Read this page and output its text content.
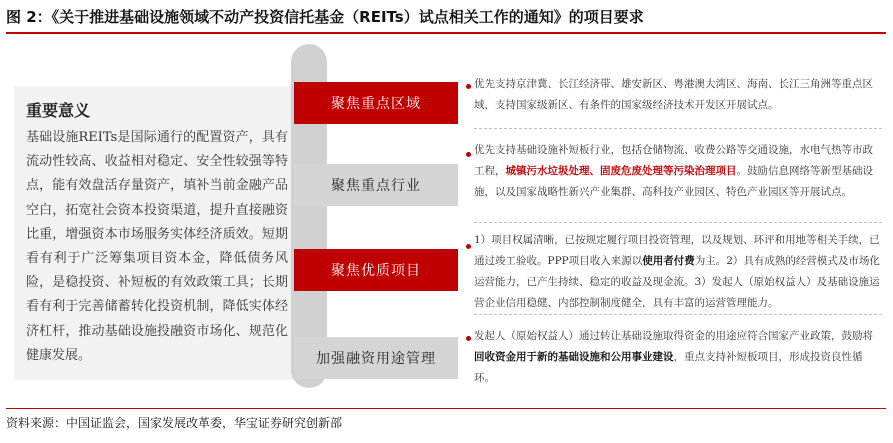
图 2：《关于推进基础设施领域不动产投资信托基金（REITs）试点相关工作的通知》的项目要求
重要意义
基础设施REITs是国际通行的配置资产，具有流动性较高、收益相对稳定、安全性较强等特点，能有效盘活存量资产，填补当前金融产品空白，拓宽社会资本投资渠道，提升直接融资比重，增强资本市场服务实体经济质效。短期看有利于广泛筹集项目资本金，降低债务风险，是稳投资、补短板的有效政策工具；长期看有利于完善储蓄转化投资机制，降低实体经济杠杆，推动基础设施投融资市场化、规范化健康发展。
聚焦重点区域
优先支持京津冀、长江经济带、雄安新区、粤港澳大湾区、海南、长江三角洲等重点区域，支持国家级新区、有条件的国家级经济技术开发区开展试点。
聚焦重点行业
优先支持基础设施补短板行业，包括仓储物流、收费公路等交通设施，水电气热等市政工程，城镇污水垃圾处理、固废危废处理等污染治理项目。鼓励信息网络等新型基础设施，以及国家战略性新兴产业集群、高科技产业园区、特色产业园区等开展试点。
聚焦优质项目
1）项目权属清晰，已按规定履行项目投资管理，以及规划、环评和用地等相关手续，已通过竣工验收。PPP项目收入来源以使用者付费为主。2）具有成熟的经营模式及市场化运营能力，已产生持续、稳定的收益及现金流。3）发起人（原始权益人）及基础设施运营企业信用稳健、内部控制制度健全，具有丰富的运营管理能力。
加强融资用途管理
发起人（原始权益人）通过转让基础设施取得资金的用途应符合国家产业政策，鼓励将回收资金用于新的基础设施和公用事业建设，重点支持补短板项目，形成投资良性循环。
资料来源：中国证监会，国家发展改革委，华宝证券研究创新部
